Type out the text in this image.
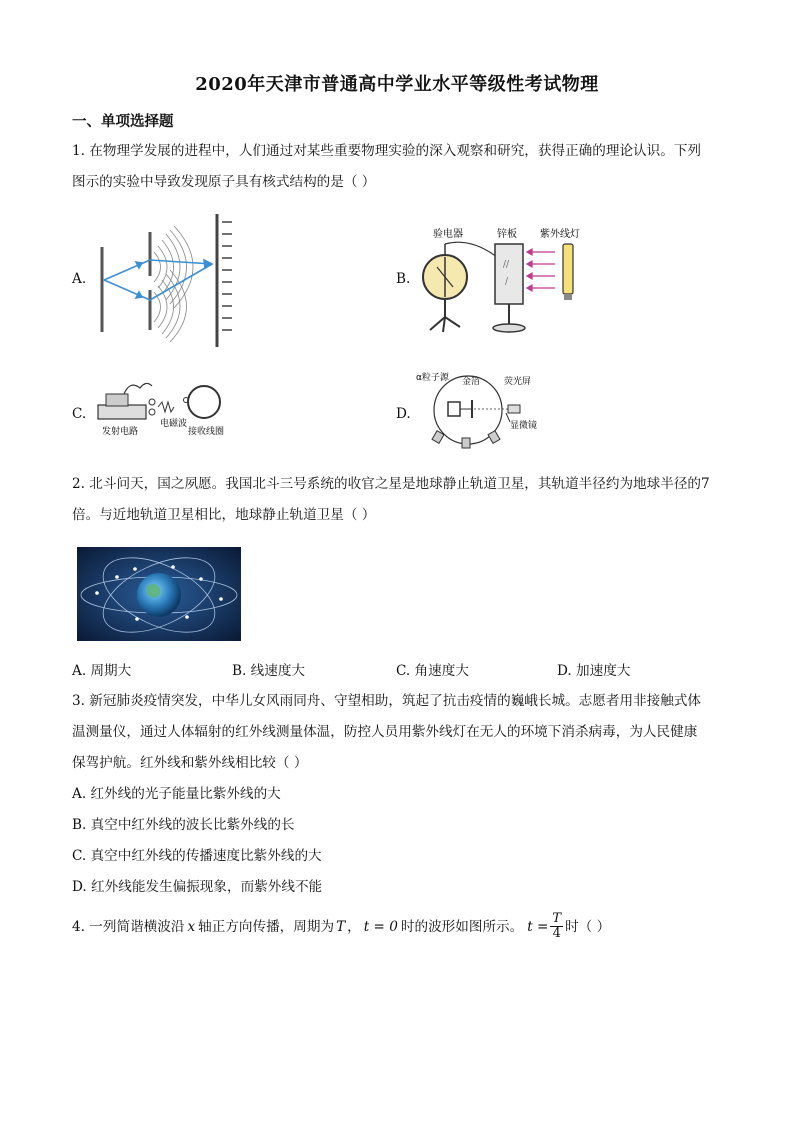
2020年天津市普通高中学业水平等级性考试物理
一、单项选择题
1. 在物理学发展的进程中，人们通过对某些重要物理实验的深入观察和研究，获得正确的理论认识。下列
图示的实验中导致发现原子具有核式结构的是（ ）
A.	B.
验电器	锌板 紫外线灯
//
/
C.
发射电路
电磁波
接收线圈
D.
α粒子源 金箔	荧光屏
显微镜
2. 北斗问天，国之夙愿。我国北斗三号系统的收官之星是地球静止轨道卫星，其轨道半径约为地球半径的7
倍。与近地轨道卫星相比，地球静止轨道卫星（ ）
A. 周期大	B. 线速度大	C. 角速度大	D. 加速度大
3. 新冠肺炎疫情突发，中华儿女风雨同舟、守望相助，筑起了抗击疫情的巍峨长城。志愿者用非接触式体
温测量仪，通过人体辐射的红外线测量体温，防控人员用紫外线灯在无人的环境下消杀病毒，为人民健康
保驾护航。红外线和紫外线相比较（ ）
A. 红外线的光子能量比紫外线的大
B. 真空中红外线的波长比紫外线的长
C. 真空中红外线的传播速度比紫外线的大
D. 红外线能发生偏振现象，而紫外线不能
4. 一列简谐横波沿 x 轴正方向传播，周期为 T ， t = 0 时的波形如图所示。 $t = \frac{T}{4}$ 时（ ）
